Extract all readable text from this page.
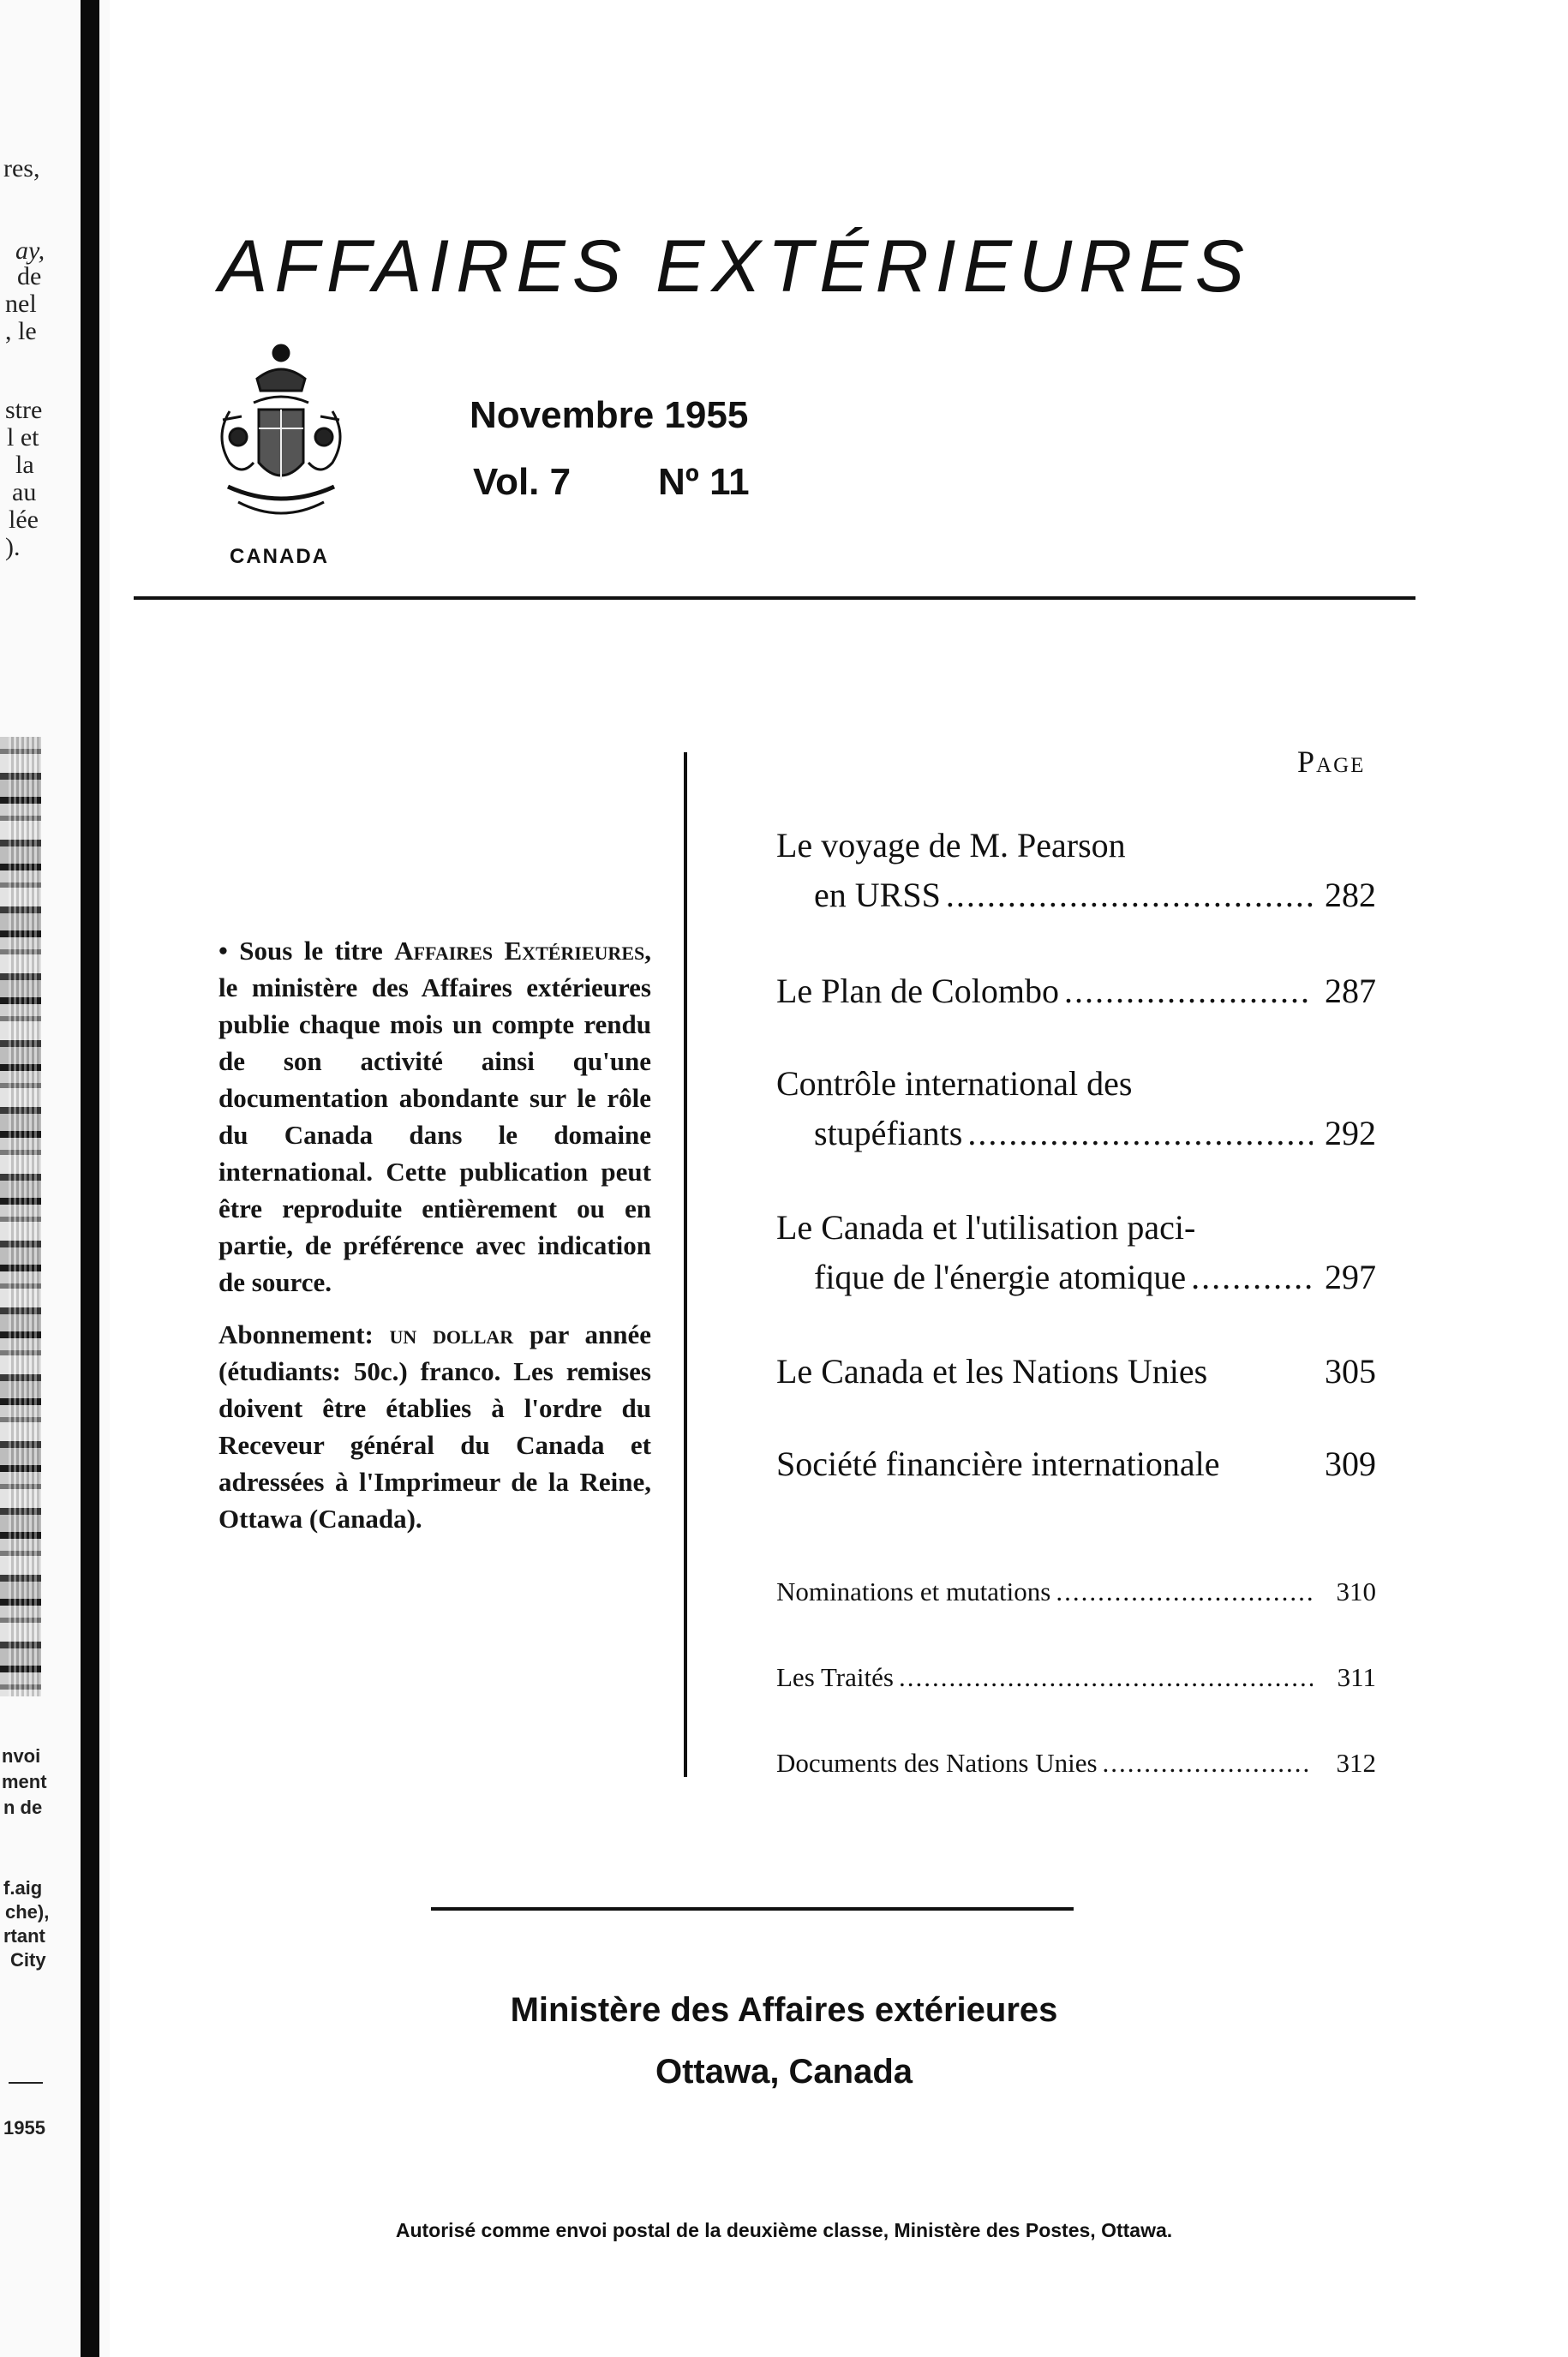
res,
ay,
de
nel
, le
stre
l et
la
au
lée
).
nvoi
ment
n de
f.aig
che),
rtant
City
1955
AFFAIRES EXTÉRIEURES
CANADA
Novembre 1955
Vol. 7 Nº 11

• Sous le titre Affaires Extérieures, le ministère des Affaires extérieures publie chaque mois un compte rendu de son activité ainsi qu'une documentation abondante sur le rôle du Canada dans le domaine international. Cette publication peut être reproduite entièrement ou en partie, de préférence avec indication de source.

Abonnement: un dollar par année (étudiants: 50c.) franco. Les remises doivent être établies à l'ordre du Receveur général du Canada et adressées à l'Imprimeur de la Reine, Ottawa (Canada).

Page
Le voyage de M. Pearson
en URSS .....	282
Le Plan de Colombo .....	287
Contrôle international des
stupéfiants .....	292
Le Canada et l'utilisation paci-
fique de l'énergie atomique .....	297
Le Canada et les Nations Unies	305
Société financière internationale	309
Nominations et mutations .....	310
Les Traités .....	311
Documents des Nations Unies .....	312
Ministère des Affaires extérieures
Ottawa, Canada
Autorisé comme envoi postal de la deuxième classe, Ministère des Postes, Ottawa.
